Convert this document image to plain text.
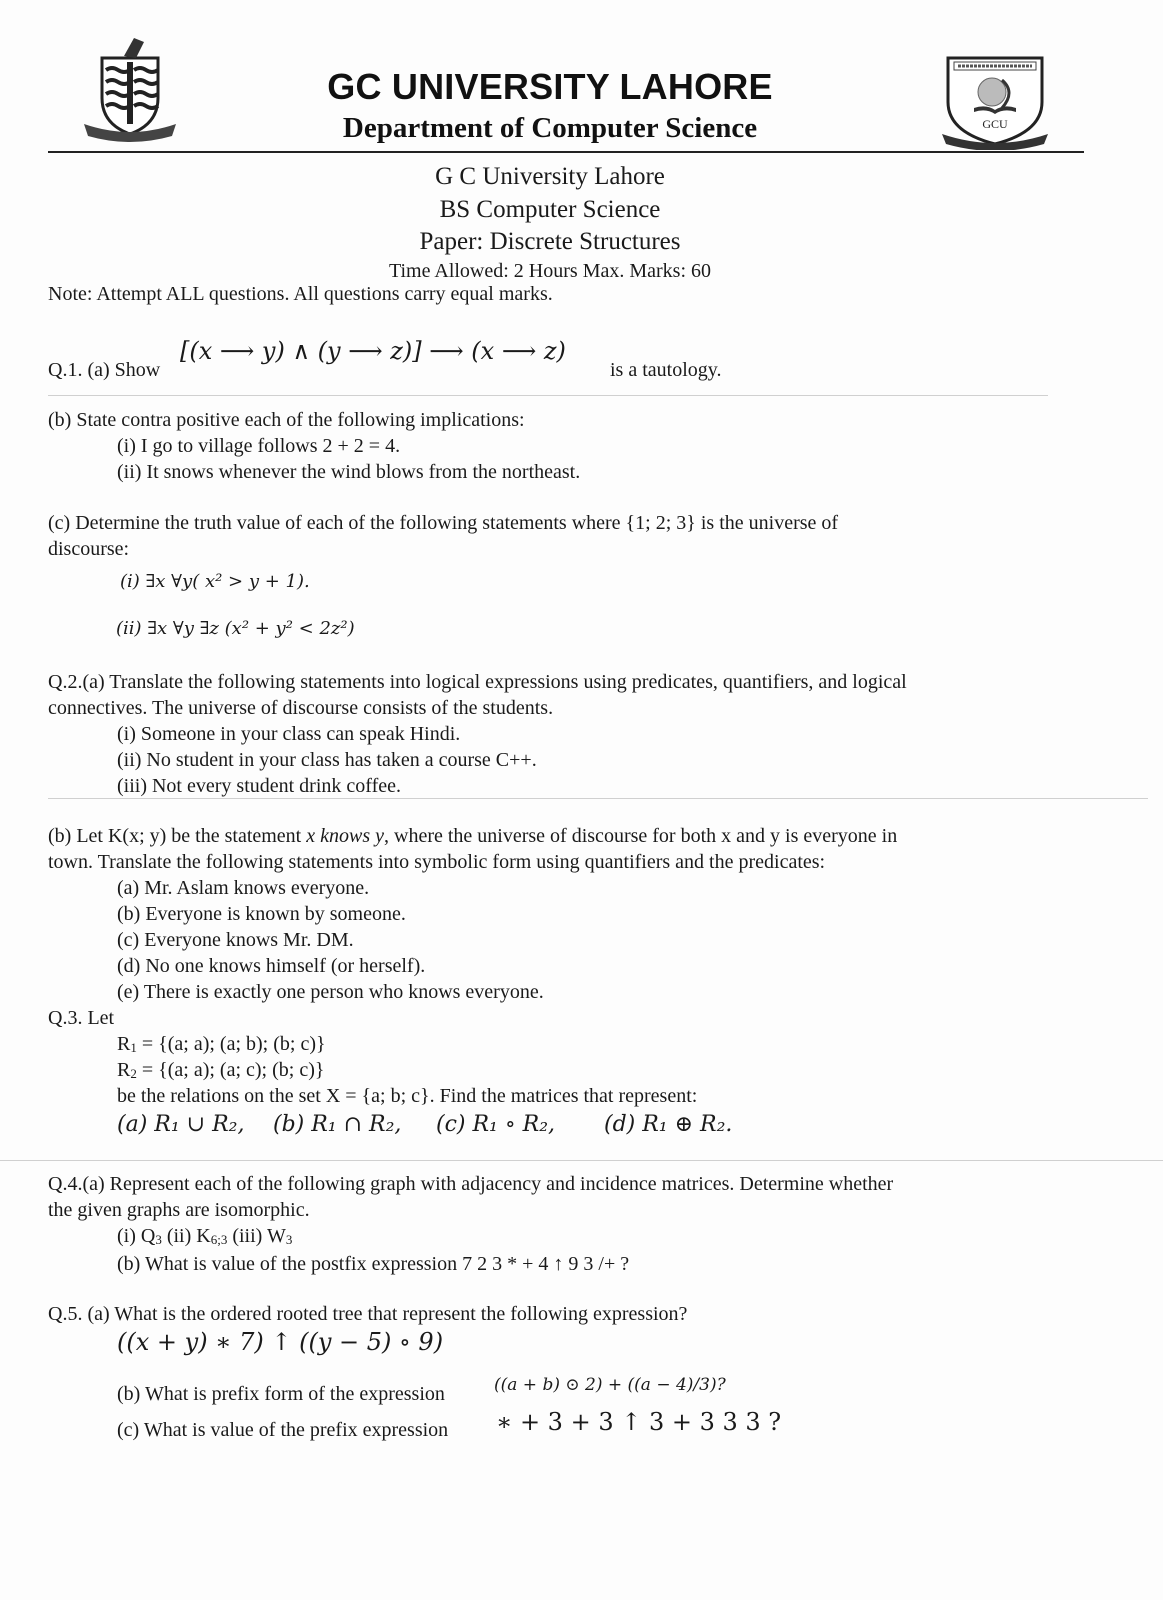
GC UNIVERSITY LAHORE
Department of Computer Science	GCU
G C University Lahore
BS Computer Science
Paper: Discrete Structures
Time Allowed: 2 Hours Max. Marks: 60
Note: Attempt ALL questions. All questions carry equal marks.
Q.1. (a) Show
[(x ⟶ y) ∧ (y ⟶ z)] ⟶ (x ⟶ z)
is a tautology.
(b) State contra positive each of the following implications:
(i) I go to village follows 2 + 2 = 4.
(ii) It snows whenever the wind blows from the northeast.
(c) Determine the truth value of each of the following statements where {1; 2; 3} is the universe of
discourse:
(i) ∃x ∀y( x² > y + 1).
(ii) ∃x ∀y ∃z (x² + y² < 2z²)
Q.2.(a) Translate the following statements into logical expressions using predicates, quantifiers, and logical
connectives. The universe of discourse consists of the students.
(i) Someone in your class can speak Hindi.
(ii) No student in your class has taken a course C++.
(iii) Not every student drink coffee.
(b) Let K(x; y) be the statement x knows y, where the universe of discourse for both x and y is everyone in
town. Translate the following statements into symbolic form using quantifiers and the predicates:
(a) Mr. Aslam knows everyone.
(b) Everyone is known by someone.
(c) Everyone knows Mr. DM.
(d) No one knows himself (or herself).
(e) There is exactly one person who knows everyone.
Q.3. Let
$R_1 = \{(a$; a); (a; b); (b; c)}
$R_2 = \{(a$; a); (a; c); (b; c)}
be the relations on the set X = {a; b; c}. Find the matrices that represent:
(a) R₁ ∪ R₂, (b) R₁ ∩ R₂, (c) R₁ ∘ R₂, (d) R₁ ⊕ R₂.
Q.4.(a) Represent each of the following graph with adjacency and incidence matrices. Determine whether
the given graphs are isomorphic.
(i) $Q_3$ (ii) $K_{6;3}$ (iii) $W_3$
(b) What is value of the postfix expression 7 2 3 * + 4 ↑ 9 3 /+ ?
Q.5. (a) What is the ordered rooted tree that represent the following expression?
((x + y) ∗ 7) ↑ ((y − 5) ∘ 9)
(b) What is prefix form of the expression	((a + b) ⊙ 2) + ((a − 4)/3)?
(c) What is value of the prefix expression ∗ + 3 + 3 ↑ 3 + 3 3 3 ?
